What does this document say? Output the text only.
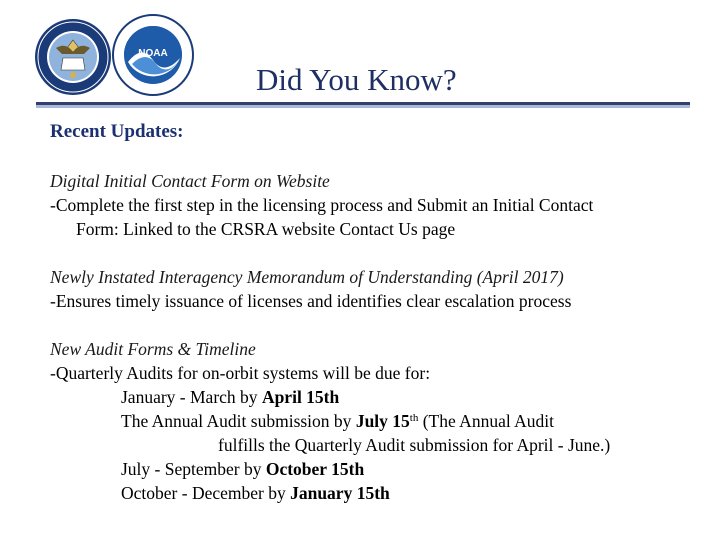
NOAA
Did You Know?
Recent Updates:
Digital Initial Contact Form on Website
-Complete the first step in the licensing process and Submit an Initial Contact
Form: Linked to the CRSRA website Contact Us page
Newly Instated Interagency Memorandum of Understanding (April 2017)
-Ensures timely issuance of licenses and identifies clear escalation process
New Audit Forms & Timeline
-Quarterly Audits for on-orbit systems will be due for:
January - March by April 15th
The Annual Audit submission by July 15th (The Annual Audit
fulfills the Quarterly Audit submission for April - June.)
July - September by October 15th
October - December by January 15th
